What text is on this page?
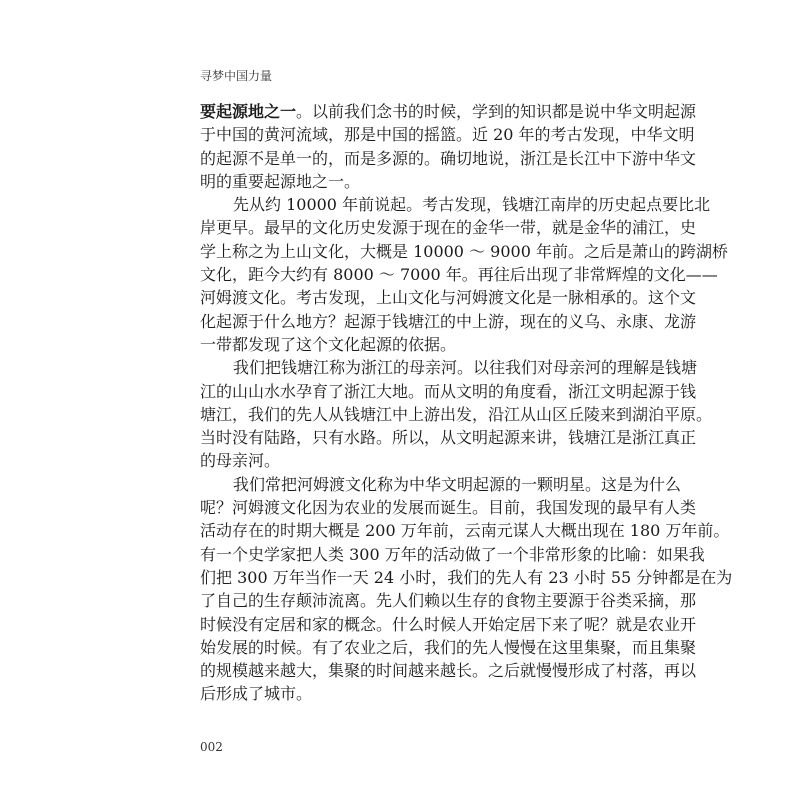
寻梦中国力量
要起源地之一。以前我们念书的时候，学到的知识都是说中华文明起源
于中国的黄河流域，那是中国的摇篮。近 20 年的考古发现，中华文明
的起源不是单一的，而是多源的。确切地说，浙江是长江中下游中华文
明的重要起源地之一。
先从约 10000 年前说起。考古发现，钱塘江南岸的历史起点要比北
岸更早。最早的文化历史发源于现在的金华一带，就是金华的浦江，史
学上称之为上山文化，大概是 10000 ～ 9000 年前。之后是萧山的跨湖桥
文化，距今大约有 8000 ～ 7000 年。再往后出现了非常辉煌的文化——
河姆渡文化。考古发现，上山文化与河姆渡文化是一脉相承的。这个文
化起源于什么地方？起源于钱塘江的中上游，现在的义乌、永康、龙游
一带都发现了这个文化起源的依据。
我们把钱塘江称为浙江的母亲河。以往我们对母亲河的理解是钱塘
江的山山水水孕育了浙江大地。而从文明的角度看，浙江文明起源于钱
塘江，我们的先人从钱塘江中上游出发，沿江从山区丘陵来到湖泊平原。
当时没有陆路，只有水路。所以，从文明起源来讲，钱塘江是浙江真正
的母亲河。
我们常把河姆渡文化称为中华文明起源的一颗明星。这是为什么
呢？河姆渡文化因为农业的发展而诞生。目前，我国发现的最早有人类
活动存在的时期大概是 200 万年前，云南元谋人大概出现在 180 万年前。
有一个史学家把人类 300 万年的活动做了一个非常形象的比喻：如果我
们把 300 万年当作一天 24 小时，我们的先人有 23 小时 55 分钟都是在为
了自己的生存颠沛流离。先人们赖以生存的食物主要源于谷类采摘，那
时候没有定居和家的概念。什么时候人开始定居下来了呢？就是农业开
始发展的时候。有了农业之后，我们的先人慢慢在这里集聚，而且集聚
的规模越来越大，集聚的时间越来越长。之后就慢慢形成了村落，再以
后形成了城市。
002
